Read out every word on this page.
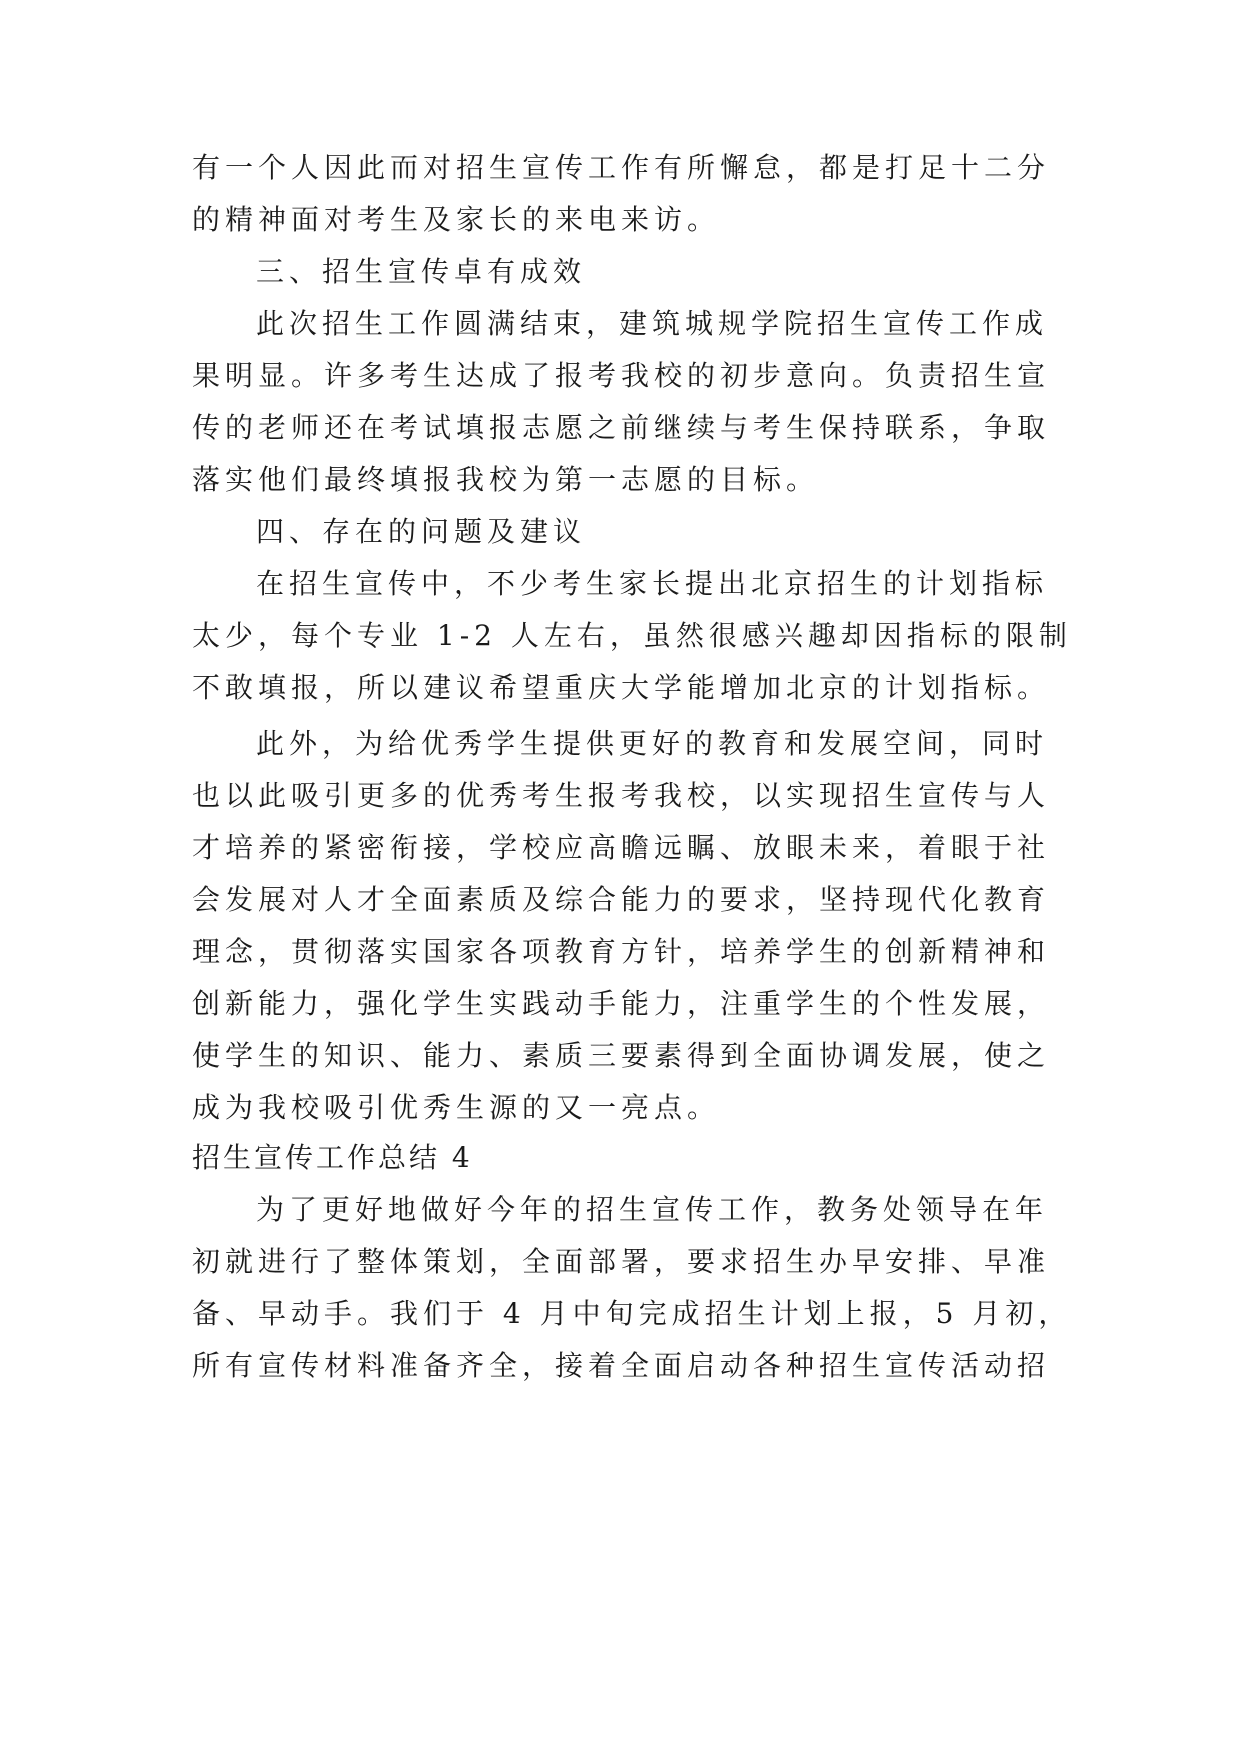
有一个人因此而对招生宣传工作有所懈怠，都是打足十二分
的精神面对考生及家长的来电来访。
三、招生宣传卓有成效
此次招生工作圆满结束，建筑城规学院招生宣传工作成
果明显。许多考生达成了报考我校的初步意向。负责招生宣
传的老师还在考试填报志愿之前继续与考生保持联系，争取
落实他们最终填报我校为第一志愿的目标。
四、存在的问题及建议
在招生宣传中，不少考生家长提出北京招生的计划指标
太少，每个专业 1-2 人左右，虽然很感兴趣却因指标的限制
不敢填报，所以建议希望重庆大学能增加北京的计划指标。
此外，为给优秀学生提供更好的教育和发展空间，同时
也以此吸引更多的优秀考生报考我校，以实现招生宣传与人
才培养的紧密衔接，学校应高瞻远瞩、放眼未来，着眼于社
会发展对人才全面素质及综合能力的要求，坚持现代化教育
理念，贯彻落实国家各项教育方针，培养学生的创新精神和
创新能力，强化学生实践动手能力，注重学生的个性发展，
使学生的知识、能力、素质三要素得到全面协调发展，使之
成为我校吸引优秀生源的又一亮点。
招生宣传工作总结 4
为了更好地做好今年的招生宣传工作，教务处领导在年
初就进行了整体策划，全面部署，要求招生办早安排、早准
备、早动手。我们于 4 月中旬完成招生计划上报，5 月初，
所有宣传材料准备齐全，接着全面启动各种招生宣传活动招
